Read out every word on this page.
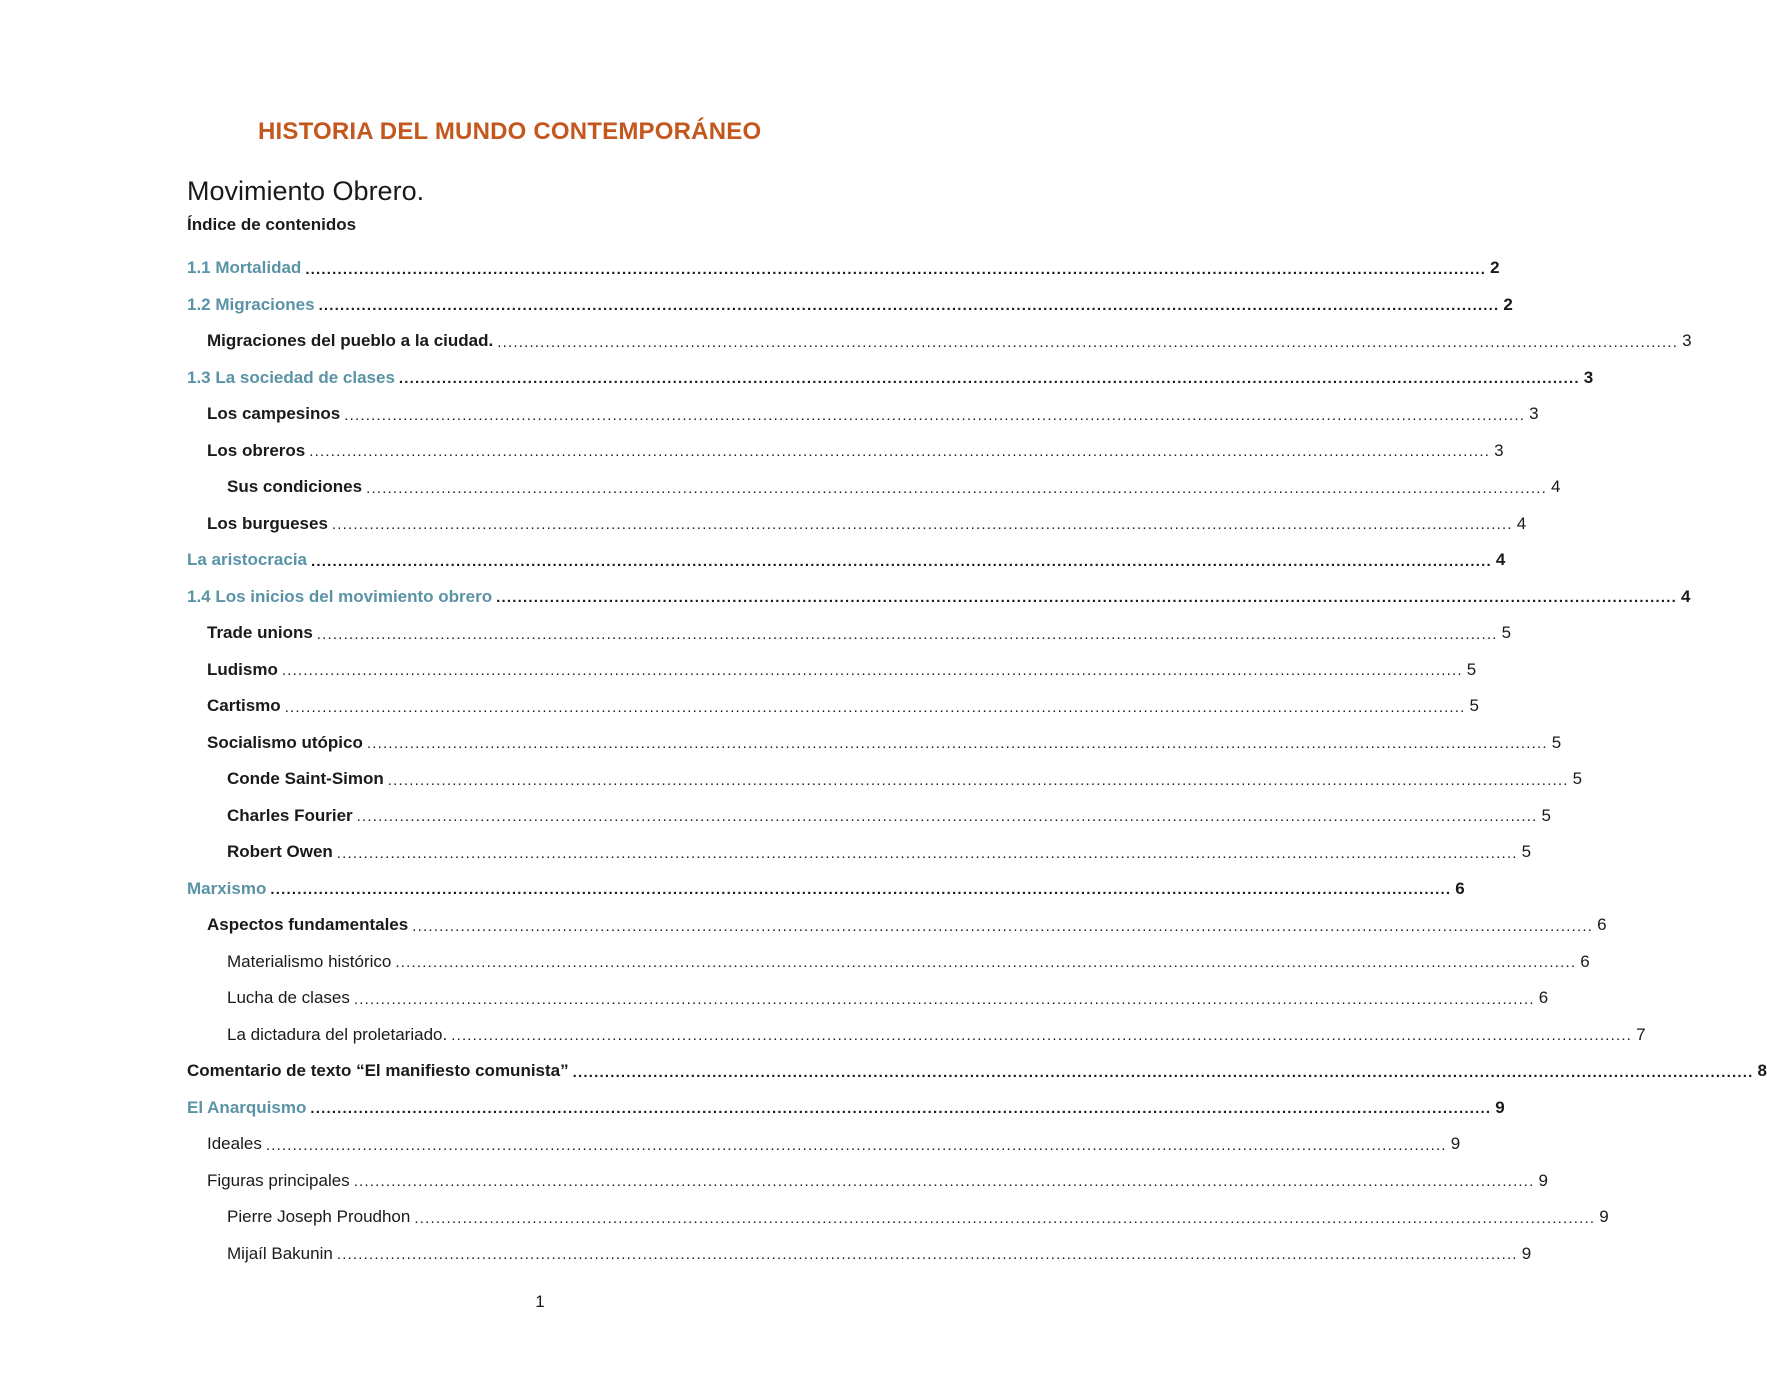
HISTORIA DEL MUNDO CONTEMPORÁNEO
Movimiento Obrero.
Índice de contenidos
1.1 Mortalidad ............................................................................................................................................................................................................................ 2
1.2 Migraciones ............................................................................................................................................................................................................................ 2
Migraciones del pueblo a la ciudad. ............................................................................................................................................................................................................................ 3
1.3 La sociedad de clases ............................................................................................................................................................................................................................ 3
Los campesinos ............................................................................................................................................................................................................................ 3
Los obreros ............................................................................................................................................................................................................................ 3
Sus condiciones ............................................................................................................................................................................................................................ 4
Los burgueses ............................................................................................................................................................................................................................ 4
La aristocracia ............................................................................................................................................................................................................................ 4
1.4 Los inicios del movimiento obrero ............................................................................................................................................................................................................................ 4
Trade unions ............................................................................................................................................................................................................................ 5
Ludismo ............................................................................................................................................................................................................................ 5
Cartismo ............................................................................................................................................................................................................................ 5
Socialismo utópico ............................................................................................................................................................................................................................ 5
Conde Saint-Simon ............................................................................................................................................................................................................................ 5
Charles Fourier ............................................................................................................................................................................................................................ 5
Robert Owen ............................................................................................................................................................................................................................ 5
Marxismo ............................................................................................................................................................................................................................ 6
Aspectos fundamentales ............................................................................................................................................................................................................................ 6
Materialismo histórico ............................................................................................................................................................................................................................ 6
Lucha de clases ............................................................................................................................................................................................................................ 6
La dictadura del proletariado. ............................................................................................................................................................................................................................ 7
Comentario de texto “El manifiesto comunista” ............................................................................................................................................................................................................................ 8
El Anarquismo ............................................................................................................................................................................................................................ 9
Ideales ............................................................................................................................................................................................................................ 9
Figuras principales ............................................................................................................................................................................................................................ 9
Pierre Joseph Proudhon ............................................................................................................................................................................................................................ 9
Mijaíl Bakunin ............................................................................................................................................................................................................................ 9
1
